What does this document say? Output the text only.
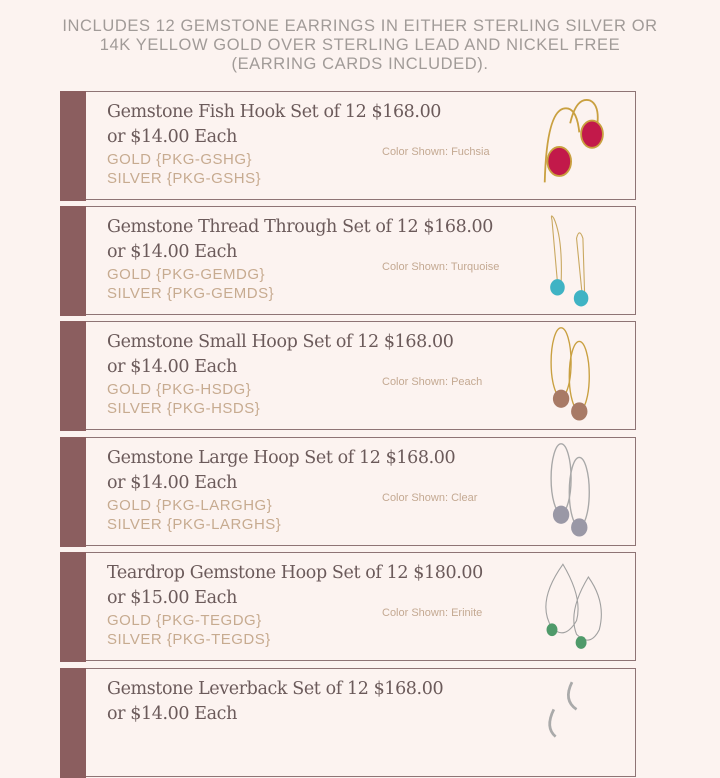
INCLUDES 12 GEMSTONE EARRINGS IN EITHER STERLING SILVER OR
14K YELLOW GOLD OVER STERLING LEAD AND NICKEL FREE
(EARRING CARDS INCLUDED).
Gemstone Fish Hook Set of 12 $168.00
or $14.00 Each
GOLD {PKG-GSHG}
SILVER {PKG-GSHS}
Color Shown: Fuchsia
Gemstone Thread Through Set of 12 $168.00
or $14.00 Each
GOLD {PKG-GEMDG}
SILVER {PKG-GEMDS}
Color Shown: Turquoise
Gemstone Small Hoop Set of 12 $168.00
or $14.00 Each
GOLD {PKG-HSDG}
SILVER {PKG-HSDS}
Color Shown: Peach
Gemstone Large Hoop Set of 12 $168.00
or $14.00 Each
GOLD {PKG-LARGHG}
SILVER {PKG-LARGHS}
Color Shown: Clear
Teardrop Gemstone Hoop Set of 12 $180.00
or $15.00 Each
GOLD {PKG-TEGDG}
SILVER {PKG-TEGDS}
Color Shown: Erinite
Gemstone Leverback Set of 12 $168.00
or $14.00 Each
